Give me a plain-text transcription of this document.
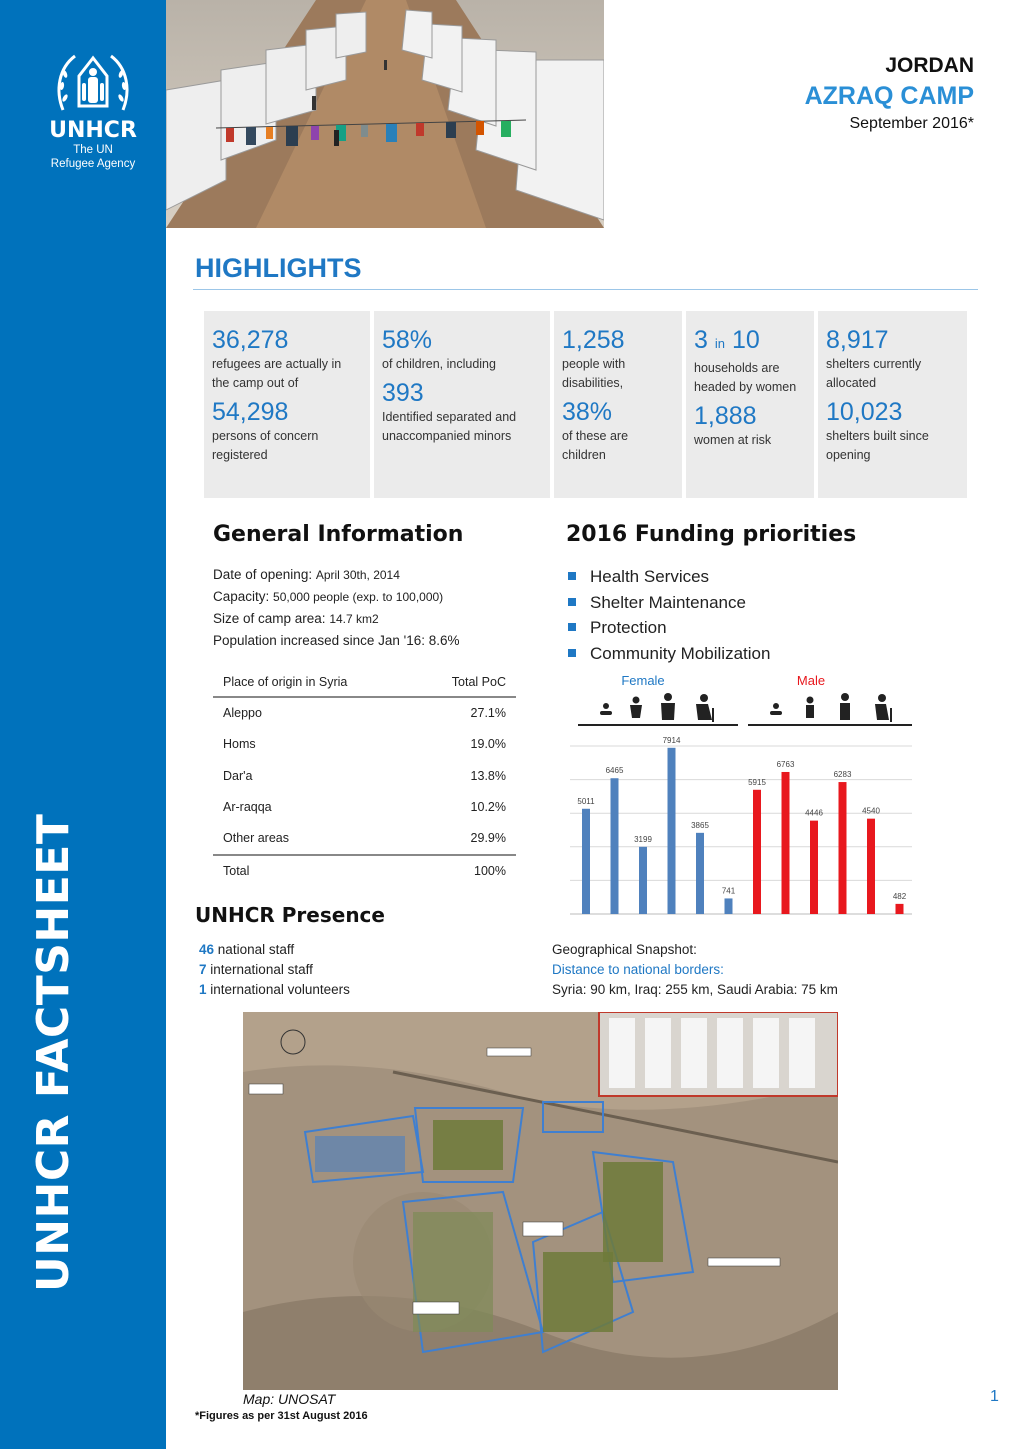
UNHCR
The UN
Refugee Agency
UNHCR FACTSHEET
JORDAN
AZRAQ CAMP
September 2016*
HIGHLIGHTS
36,278
refugees are actually in the camp out of
54,298
persons of concern registered
58%
of children, including
393
Identified separated and unaccompanied minors
1,258
people with disabilities,
38%
of these are children
3 in 10
households are headed by women
1,888
women at risk
8,917
shelters currently allocated
10,023
shelters built since opening
General Information
Date of opening: April 30th, 2014
Capacity: 50,000 people (exp. to 100,000)
Size of camp area: 14.7 km2
Population increased since Jan '16: 8.6%
Place of origin in Syria	Total PoC
Aleppo	27.1%
Homs	19.0%
Dar'a	13.8%
Ar-raqqa	10.2%
Other areas	29.9%
Total	100%
2016 Funding priorities
Health Services
Shelter Maintenance
Protection
Community Mobilization
Female	Male
5011
6465
3199
7914
3865
741
5915
6763
4446
6283
4540
482
UNHCR Presence
46 national staff
7 international staff
1 international volunteers
Geographical Snapshot:
Distance to national borders:
Syria: 90 km, Iraq: 255 km, Saudi Arabia: 75 km
Map: UNOSAT
*Figures as per 31st August 2016
1
